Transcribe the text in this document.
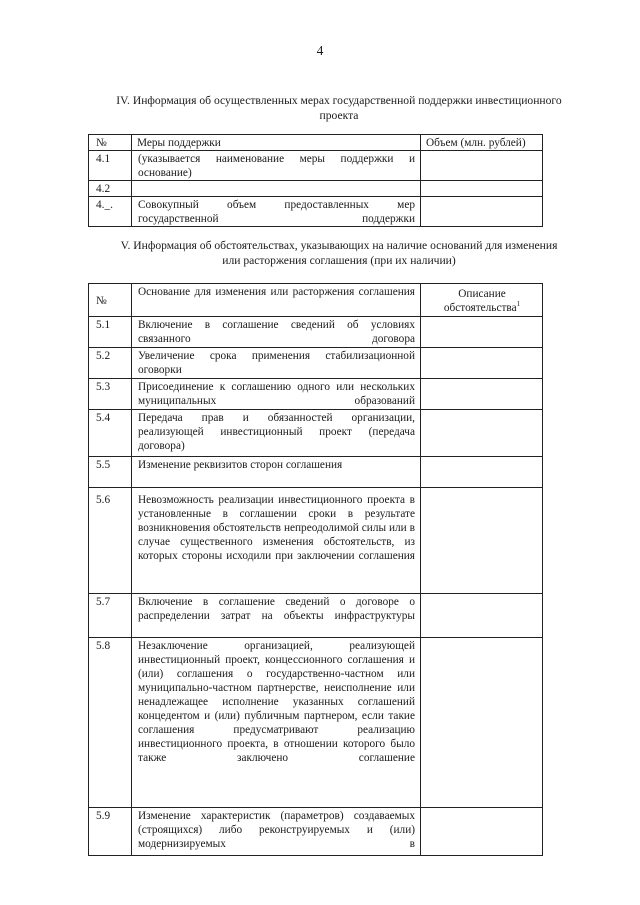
4
IV. Информация об осуществленных мерах государственной поддержки инвестиционного
проекта
№	Меры поддержки	Объем (млн. рублей)
4.1	(указывается наименование меры поддержки и основание)	
4.2		
4._.	Совокупный объем предоставленных мер государственной поддержки	
V. Информация об обстоятельствах, указывающих на наличие оснований для изменения
или расторжения соглашения (при их наличии)
№	Основание для изменения или расторжения соглашения	Описание обстоятельства$^1$
5.1	Включение в соглашение сведений об условиях связанного договора	
5.2	Увеличение срока применения стабилизационной оговорки	
5.3	Присоединение к соглашению одного или нескольких муниципальных образований	
5.4	Передача прав и обязанностей организации, реализующей инвестиционный проект (передача договора)	
5.5	Изменение реквизитов сторон соглашения	
5.6	Невозможность реализации инвестиционного проекта в установленные в соглашении сроки в результате возникновения обстоятельств непреодолимой силы или в случае существенного изменения обстоятельств, из которых стороны исходили при заключении соглашения	
5.7	Включение в соглашение сведений о договоре о распределении затрат на объекты инфраструктуры	
5.8	Незаключение организацией, реализующей инвестиционный проект, концессионного соглашения и (или) соглашения о государственно-частном или муниципально-частном партнерстве, неисполнение или ненадлежащее исполнение указанных соглашений концедентом и (или) публичным партнером, если такие соглашения предусматривают реализацию инвестиционного проекта, в отношении которого было также заключено соглашение	
5.9	Изменение характеристик (параметров) создаваемых (строящихся) либо реконструируемых и (или) модернизируемых в	
